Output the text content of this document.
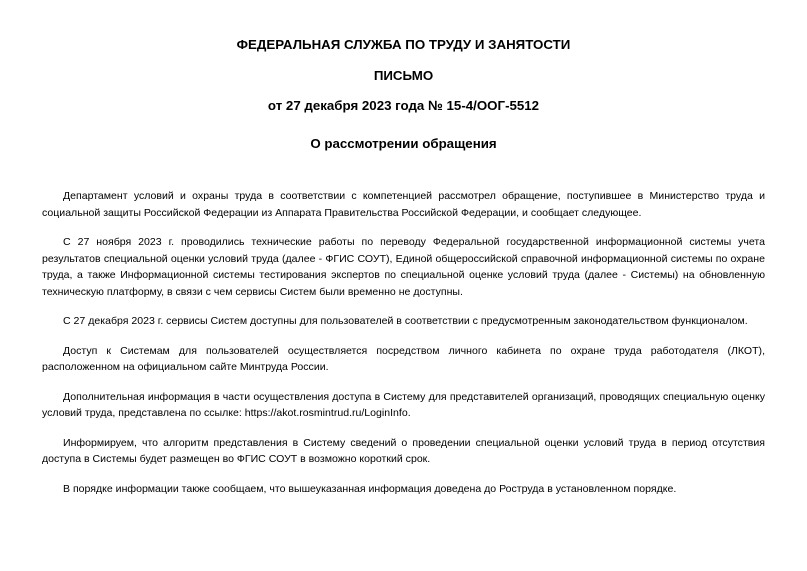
ФЕДЕРАЛЬНАЯ СЛУЖБА ПО ТРУДУ И ЗАНЯТОСТИ

ПИСЬМО

от 27 декабря 2023 года № 15-4/ООГ-5512

О рассмотрении обращения

Департамент условий и охраны труда в соответствии с компетенцией рассмотрел обращение, поступившее в Министерство труда и социальной защиты Российской Федерации из Аппарата Правительства Российской Федерации, и сообщает следующее.

С 27 ноября 2023 г. проводились технические работы по переводу Федеральной государственной информационной системы учета результатов специальной оценки условий труда (далее - ФГИС СОУТ), Единой общероссийской справочной информационной системы по охране труда, а также Информационной системы тестирования экспертов по специальной оценке условий труда (далее - Системы) на обновленную техническую платформу, в связи с чем сервисы Систем были временно не доступны.

С 27 декабря 2023 г. сервисы Систем доступны для пользователей в соответствии с предусмотренным законодательством функционалом.

Доступ к Системам для пользователей осуществляется посредством личного кабинета по охране труда работодателя (ЛКОТ), расположенном на официальном сайте Минтруда России.

Дополнительная информация в части осуществления доступа в Систему для представителей организаций, проводящих специальную оценку условий труда, представлена по ссылке: https://akot.rosmintrud.ru/LoginInfo.

Информируем, что алгоритм представления в Систему сведений о проведении специальной оценки условий труда в период отсутствия доступа в Системы будет размещен во ФГИС СОУТ в возможно короткий срок.

В порядке информации также сообщаем, что вышеуказанная информация доведена до Роструда в установленном порядке.
